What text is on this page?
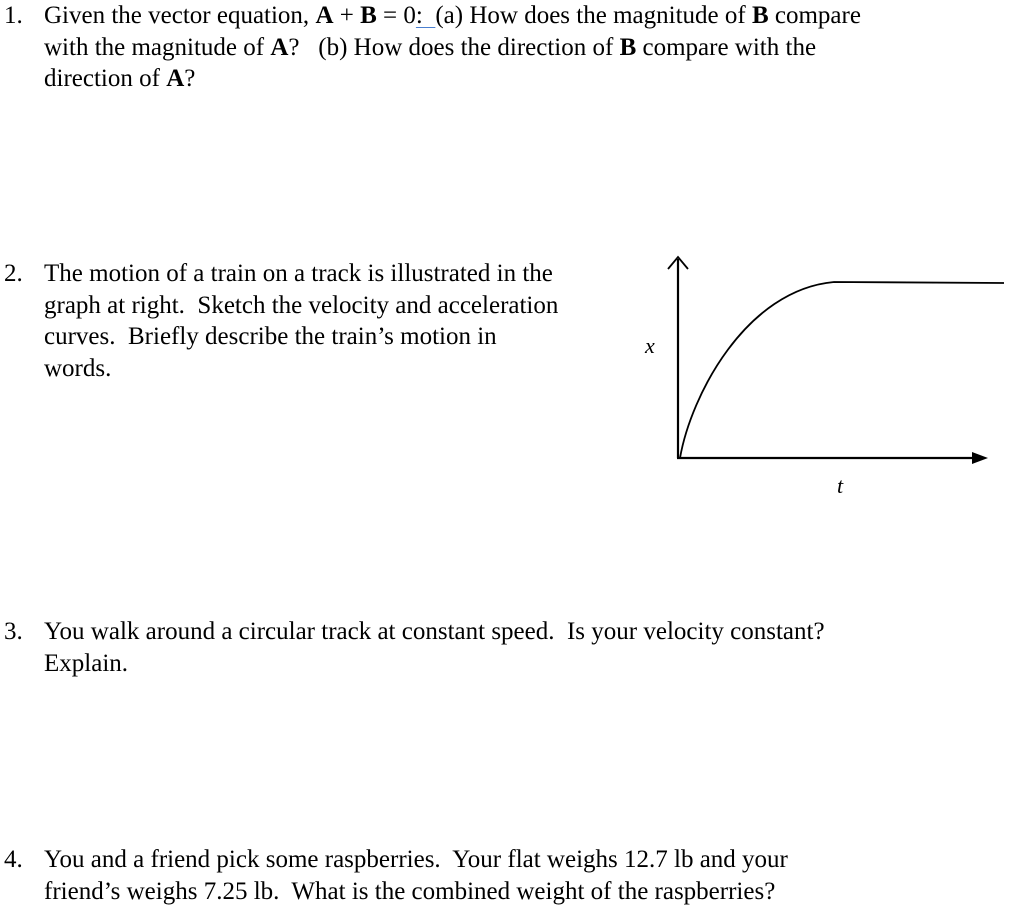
1. Given the vector equation, A + B = 0:  (a) How does the magnitude of B compare
with the magnitude of A?   (b) How does the direction of B compare with the
direction of A?
2. The motion of a train on a track is illustrated in the
graph at right.  Sketch the velocity and acceleration
curves.  Briefly describe the train’s motion in
words.
x
t
3. You walk around a circular track at constant speed.  Is your velocity constant?
Explain.
4. You and a friend pick some raspberries.  Your flat weighs 12.7 lb and your
friend’s weighs 7.25 lb.  What is the combined weight of the raspberries?
